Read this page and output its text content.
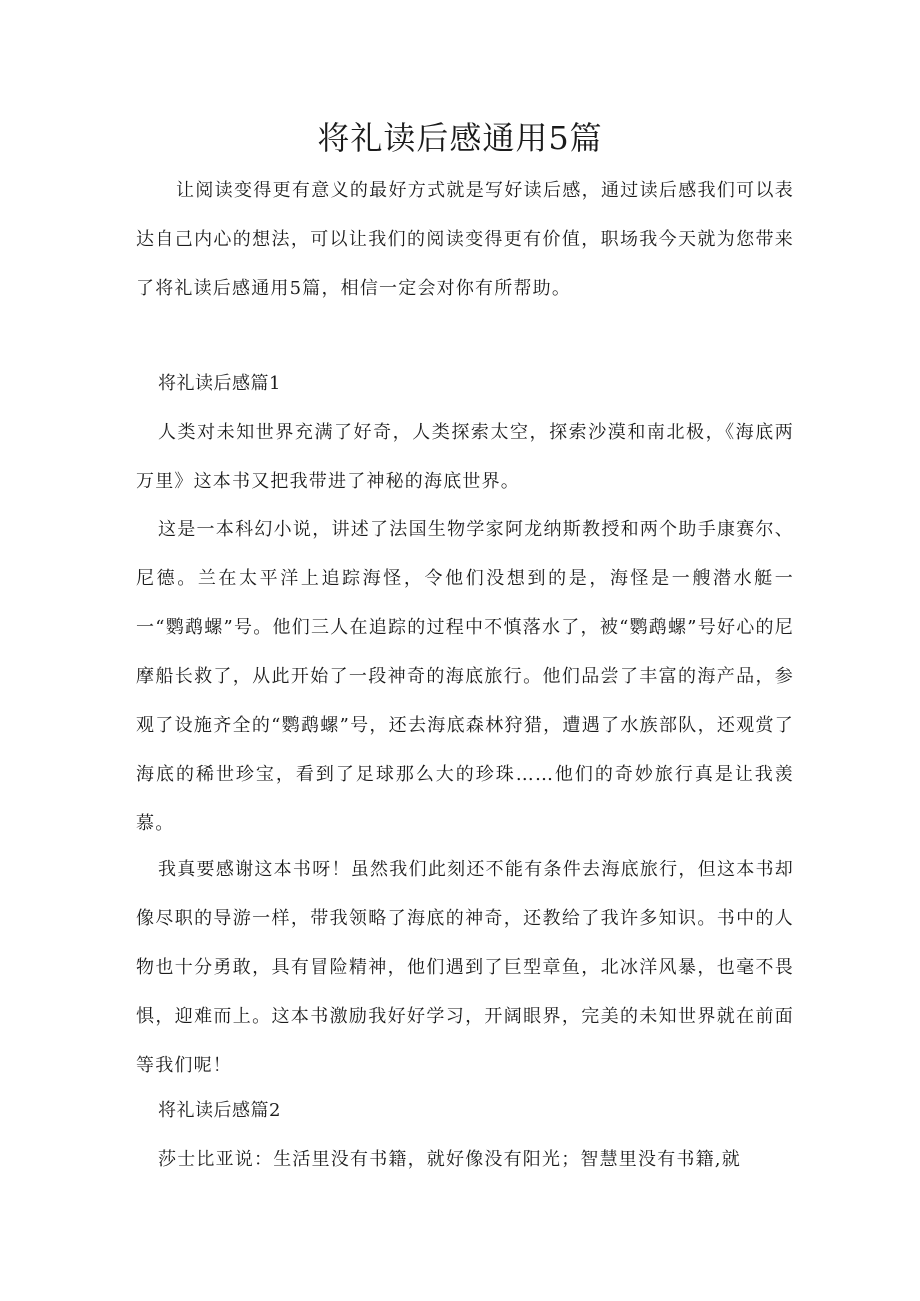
将礼读后感通用5篇

让阅读变得更有意义的最好方式就是写好读后感，通过读后感我们可以表达自己内心的想法，可以让我们的阅读变得更有价值，职场我今天就为您带来了将礼读后感通用5篇，相信一定会对你有所帮助。

将礼读后感篇1

人类对未知世界充满了好奇，人类探索太空，探索沙漠和南北极，《海底两万里》这本书又把我带进了神秘的海底世界。

这是一本科幻小说，讲述了法国生物学家阿龙纳斯教授和两个助手康赛尔、尼德。兰在太平洋上追踪海怪，令他们没想到的是，海怪是一艘潜水艇一一“鹦鹉螺”号。他们三人在追踪的过程中不慎落水了，被“鹦鹉螺”号好心的尼摩船长救了，从此开始了一段神奇的海底旅行。他们品尝了丰富的海产品，参观了设施齐全的“鹦鹉螺”号，还去海底森林狩猎，遭遇了水族部队，还观赏了海底的稀世珍宝，看到了足球那么大的珍珠……他们的奇妙旅行真是让我羡慕。

我真要感谢这本书呀！虽然我们此刻还不能有条件去海底旅行，但这本书却像尽职的导游一样，带我领略了海底的神奇，还教给了我许多知识。书中的人物也十分勇敢，具有冒险精神，他们遇到了巨型章鱼，北冰洋风暴，也毫不畏惧，迎难而上。这本书激励我好好学习，开阔眼界，完美的未知世界就在前面等我们呢！

将礼读后感篇2

莎士比亚说：生活里没有书籍，就好像没有阳光；智慧里没有书籍,就
